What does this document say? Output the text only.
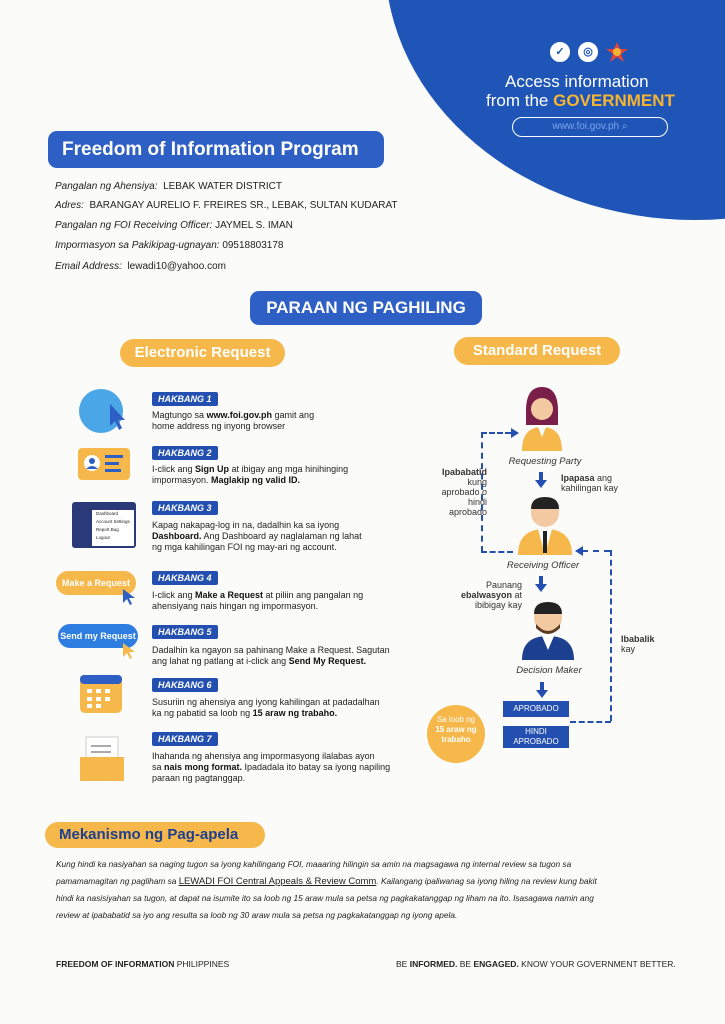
✓	◎
Access information
from the GOVERNMENT
www.foi.gov.ph ⌕
Freedom of Information Program
Pangalan ng Ahensiya: LEBAK WATER DISTRICT
Adres: BARANGAY AURELIO F. FREIRES SR., LEBAK, SULTAN KUDARAT
Pangalan ng FOI Receiving Officer: JAYMEL S. IMAN
Impormasyon sa Pakikipag-ugnayan: 09518803178
Email Address: lewadi10@yahoo.com
PARAAN NG PAGHILING
Electronic Request	Standard Request
Dashboard
Account Settings
Report Bug
Logout
Make a Request
Send my Request
HAKBANG 1
Magtungo sa www.foi.gov.ph gamit ang
home address ng inyong browser
HAKBANG 2
I-click ang Sign Up at ibigay ang mga hinihinging
impormasyon. Maglakip ng valid ID.
HAKBANG 3
Kapag nakapag-log in na, dadalhin ka sa iyong
Dashboard. Ang Dashboard ay naglalaman ng lahat
ng mga kahilingan FOI ng may-ari ng account.
HAKBANG 4
I-click ang Make a Request at piliin ang pangalan ng
ahensiyang nais hingan ng impormasyon.
HAKBANG 5
Dadalhin ka ngayon sa pahinang Make a Request. Sagutan
ang lahat ng patlang at i-click ang Send My Request.
HAKBANG 6
Susuriin ng ahensiya ang iyong kahilingan at padadalhan
ka ng pabatid sa loob ng 15 araw ng trabaho.
HAKBANG 7
Ihahanda ng ahensiya ang impormasyong ilalabas ayon
sa nais mong format. Ipadadala ito batay sa iyong napiling
paraan ng pagtanggap.
Requesting Party
Ipapasa ang
kahilingan kay
Ipababatid
kung
aprobado o
hindi
aprobado
Receiving Officer
Paunang
ebalwasyon at
ibibigay kay
Decision Maker
Ibabalik
kay
APROBADO
HINDI
APROBADO
Sa loob ng
15 araw ng
trabaho
Mekanismo ng Pag-apela
Kung hindi ka nasiyahan sa naging tugon sa iyong kahilingang FOI, maaaring hilingin sa amin na magsagawa ng internal review sa tugon sa
pamamamagitan ng pagliham sa LEWADI FOI Central Appeals & Review Comm. Kailangang ipaliwanag sa iyong hiling na review kung bakit
hindi ka nasisiyahan sa tugon, at dapat na isumite ito sa loob ng 15 araw mula sa petsa ng pagkakatanggap ng liham na ito. Isasagawa namin ang
review at ipababatid sa iyo ang resulta sa loob ng 30 araw mula sa petsa ng pagkakatanggap ng iyong apela.
FREEDOM OF INFORMATION PHILIPPINES	BE INFORMED. BE ENGAGED. KNOW YOUR GOVERNMENT BETTER.
